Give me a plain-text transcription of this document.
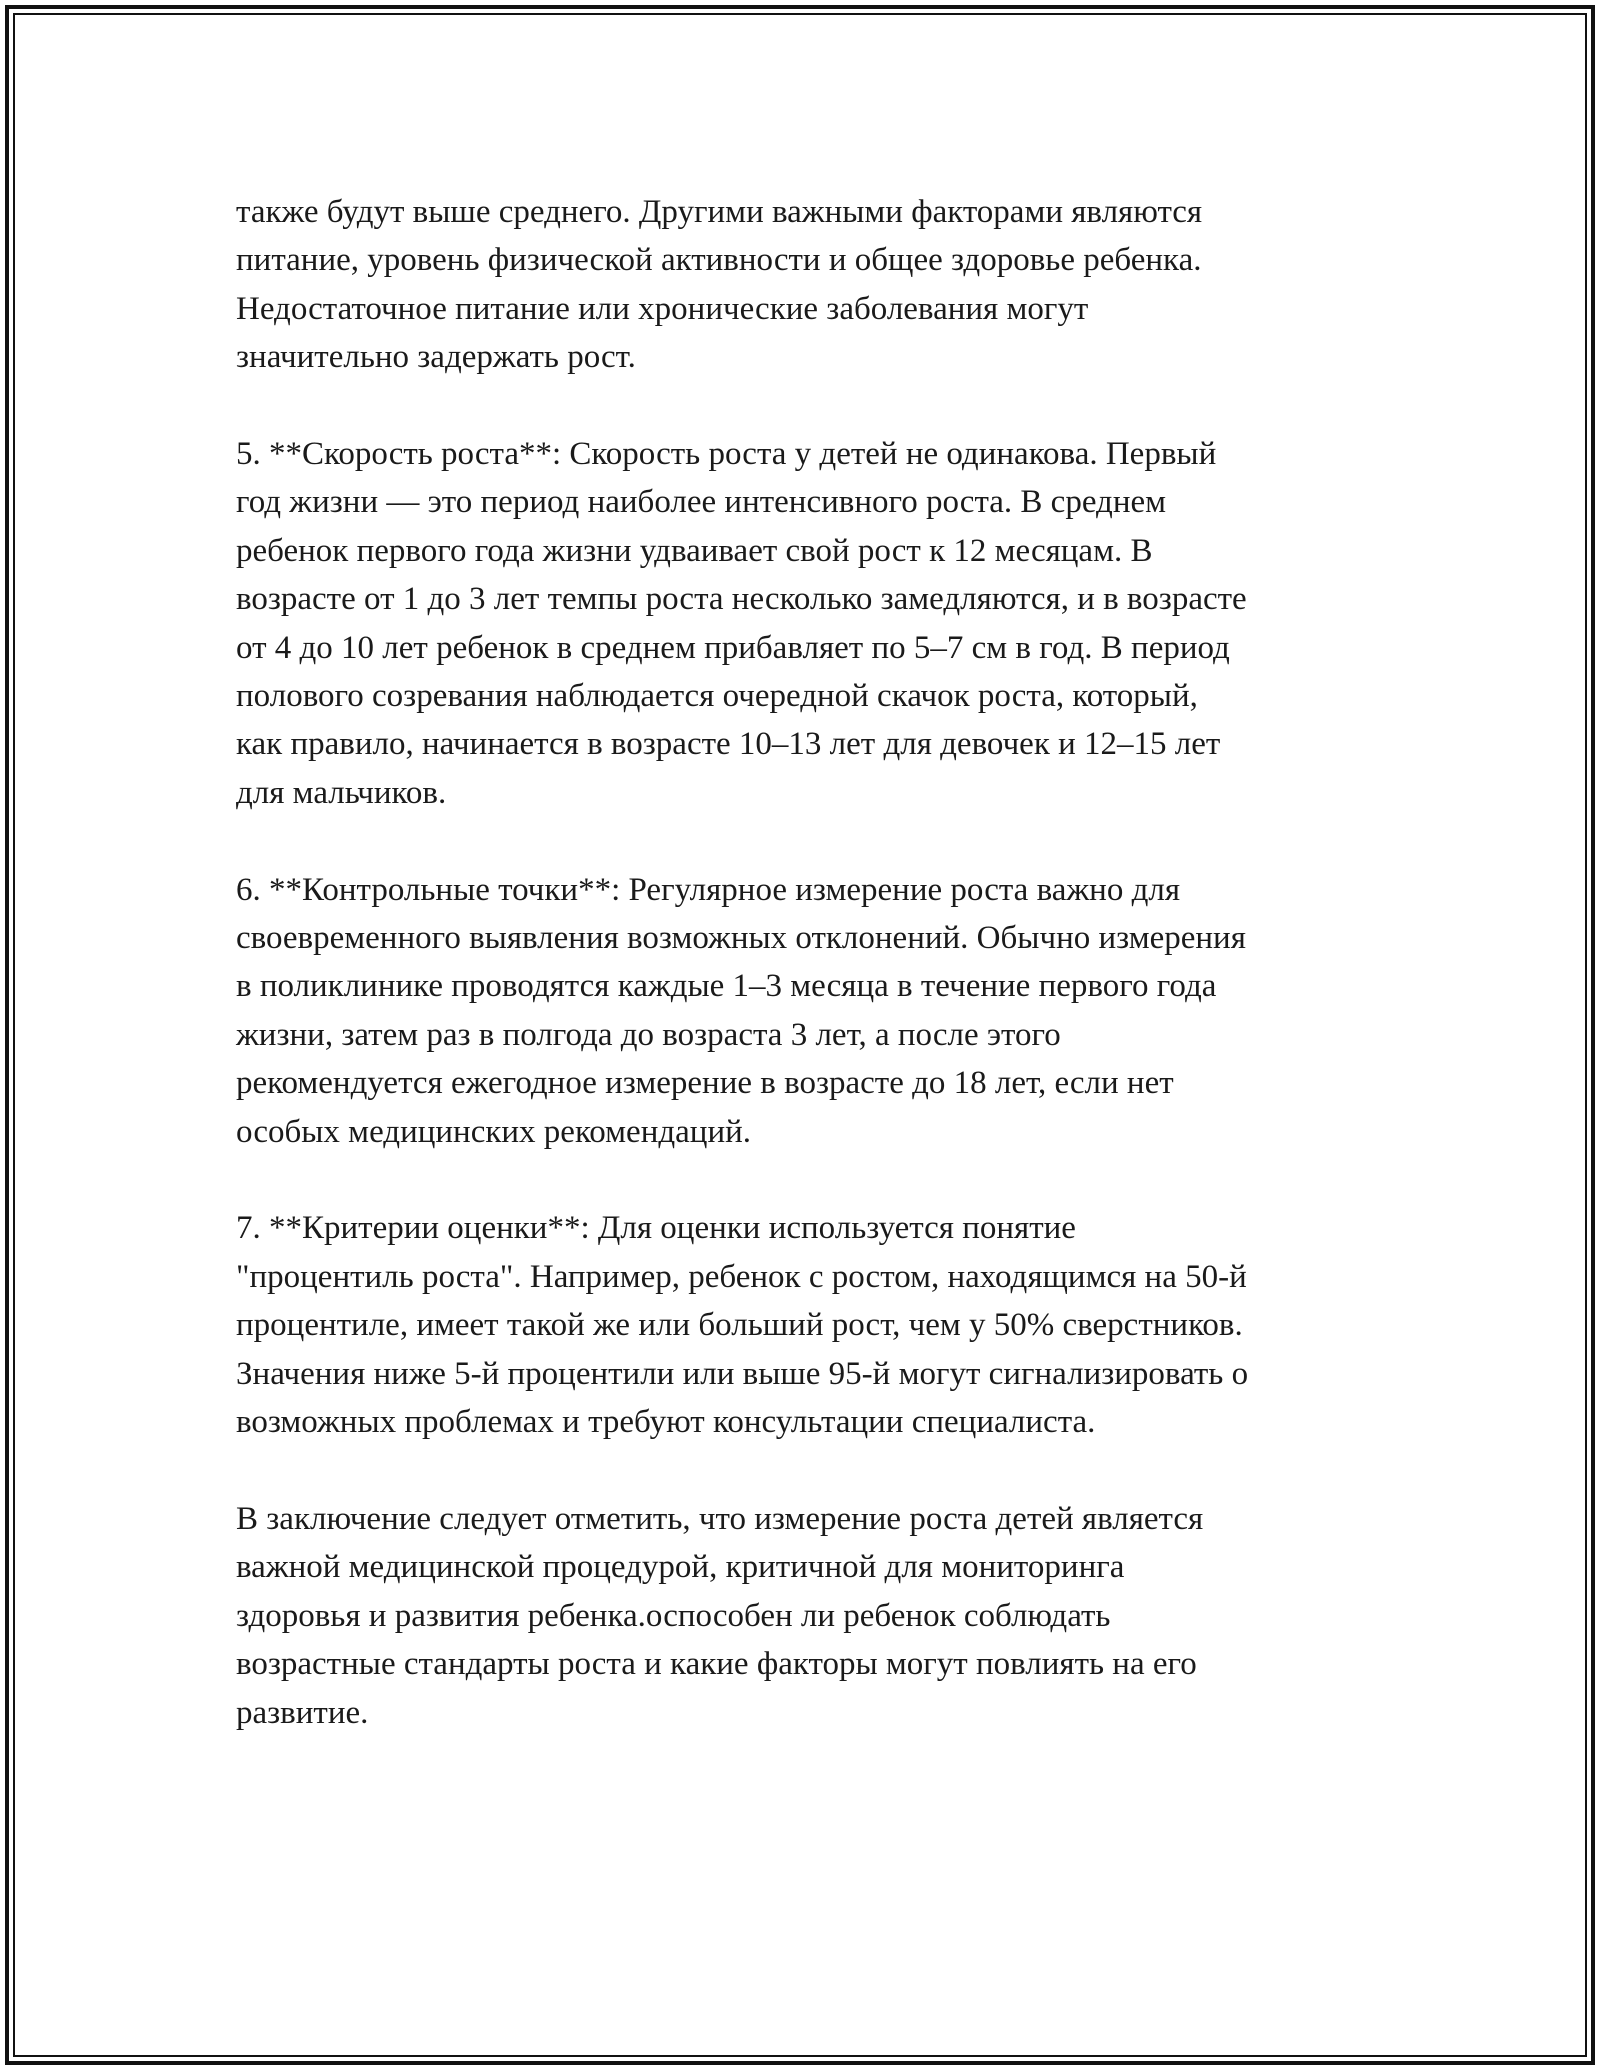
также будут выше среднего. Другими важными факторами являются
питание, уровень физической активности и общее здоровье ребенка.
Недостаточное питание или хронические заболевания могут
значительно задержать рост.

5. **Скорость роста**: Скорость роста у детей не одинакова. Первый
год жизни — это период наиболее интенсивного роста. В среднем
ребенок первого года жизни удваивает свой рост к 12 месяцам. В
возрасте от 1 до 3 лет темпы роста несколько замедляются, и в возрасте
от 4 до 10 лет ребенок в среднем прибавляет по 5–7 см в год. В период
полового созревания наблюдается очередной скачок роста, который,
как правило, начинается в возрасте 10–13 лет для девочек и 12–15 лет
для мальчиков.

6. **Контрольные точки**: Регулярное измерение роста важно для
своевременного выявления возможных отклонений. Обычно измерения
в поликлинике проводятся каждые 1–3 месяца в течение первого года
жизни, затем раз в полгода до возраста 3 лет, а после этого
рекомендуется ежегодное измерение в возрасте до 18 лет, если нет
особых медицинских рекомендаций.

7. **Критерии оценки**: Для оценки используется понятие
"процентиль роста". Например, ребенок с ростом, находящимся на 50-й
процентиле, имеет такой же или больший рост, чем у 50% сверстников.
Значения ниже 5-й процентили или выше 95-й могут сигнализировать о
возможных проблемах и требуют консультации специалиста.

В заключение следует отметить, что измерение роста детей является
важной медицинской процедурой, критичной для мониторинга
здоровья и развития ребенка.оспособен ли ребенок соблюдать
возрастные стандарты роста и какие факторы могут повлиять на его
развитие.
